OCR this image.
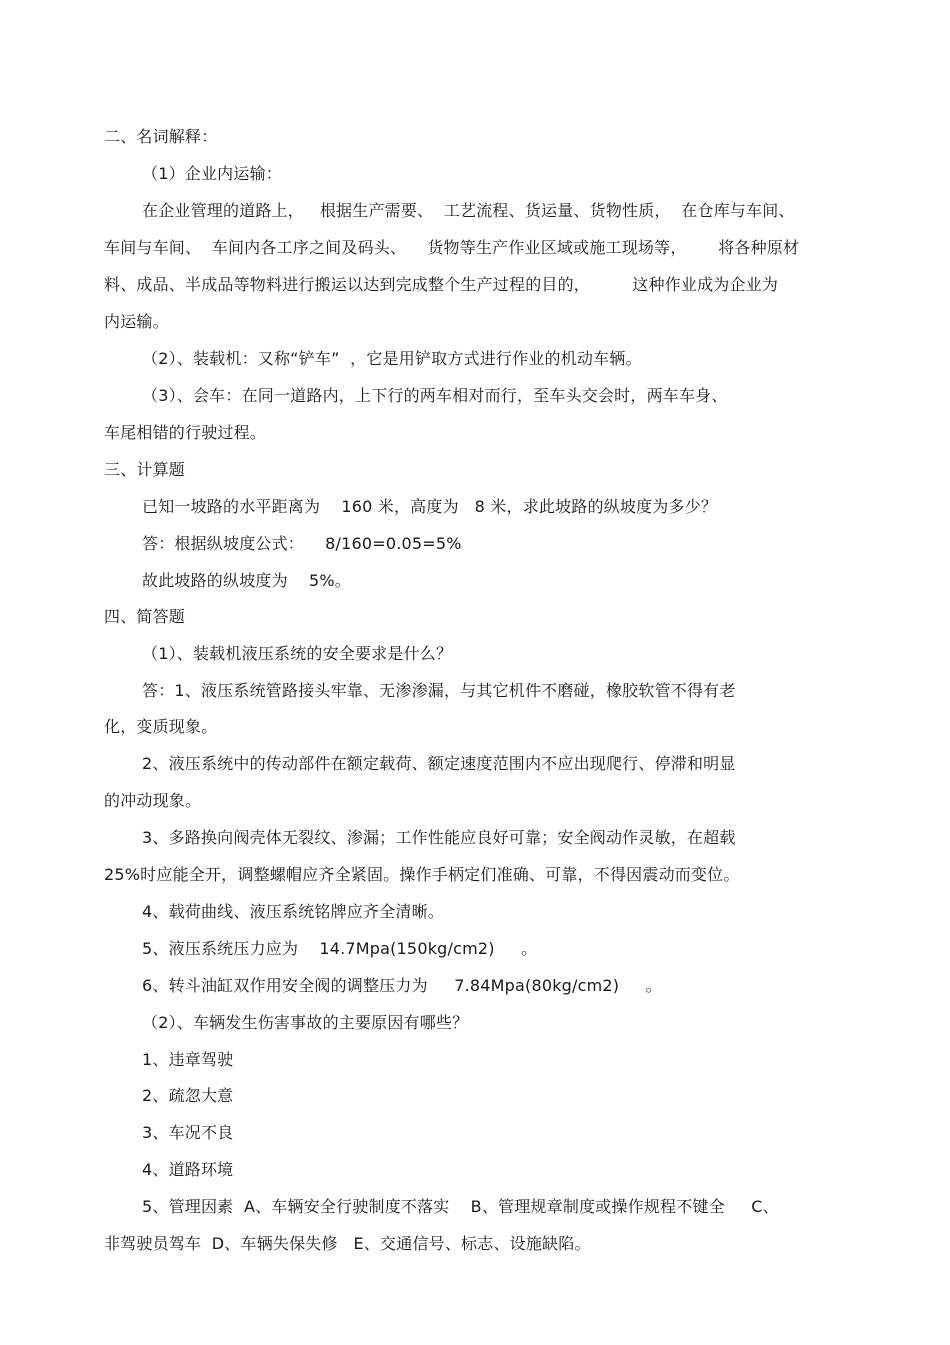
二、名词解释：
（1）企业内运输：
在企业管理的道路上，   根据生产需要、  工艺流程、货运量、货物性质，  在仓库与车间、
车间与车间、  车间内各工序之间及码头、    货物等生产作业区域或施工现场等，      将各种原材
料、成品、半成品等物料进行搬运以达到完成整个生产过程的目的，        这种作业成为企业为
内运输。
（2）、装载机：又称“铲车”  ，它是用铲取方式进行作业的机动车辆。
（3）、会车：在同一道路内，上下行的两车相对而行，至车头交会时，两车车身、
车尾相错的行驶过程。
三、计算题
已知一坡路的水平距离为    160 米，高度为   8 米，求此坡路的纵坡度为多少？
答：根据纵坡度公式：    8/160=0.05=5%
故此坡路的纵坡度为    5%。
四、简答题
（1）、装载机液压系统的安全要求是什么？
答：1、液压系统管路接头牢靠、无渗渗漏，与其它机件不磨碰，橡胶软管不得有老
化，变质现象。
2、液压系统中的传动部件在额定载荷、额定速度范围内不应出现爬行、停滞和明显
的冲动现象。
3、多路换向阀壳体无裂纹、渗漏；工作性能应良好可靠；安全阀动作灵敏，在超载
25%时应能全开，调整螺帽应齐全紧固。操作手柄定们准确、可靠，不得因震动而变位。
4、载荷曲线、液压系统铭牌应齐全清晰。
5、液压系统压力应为    14.7Mpa(150kg/cm2)     。
6、转斗油缸双作用安全阀的调整压力为     7.84Mpa(80kg/cm2)     。
（2）、车辆发生伤害事故的主要原因有哪些？
1、违章驾驶
2、疏忽大意
3、车况不良
4、道路环境
5、管理因素  A、车辆安全行驶制度不落实    B、管理规章制度或操作规程不键全     C、
非驾驶员驾车  D、车辆失保失修   E、交通信号、标志、设施缺陷。
